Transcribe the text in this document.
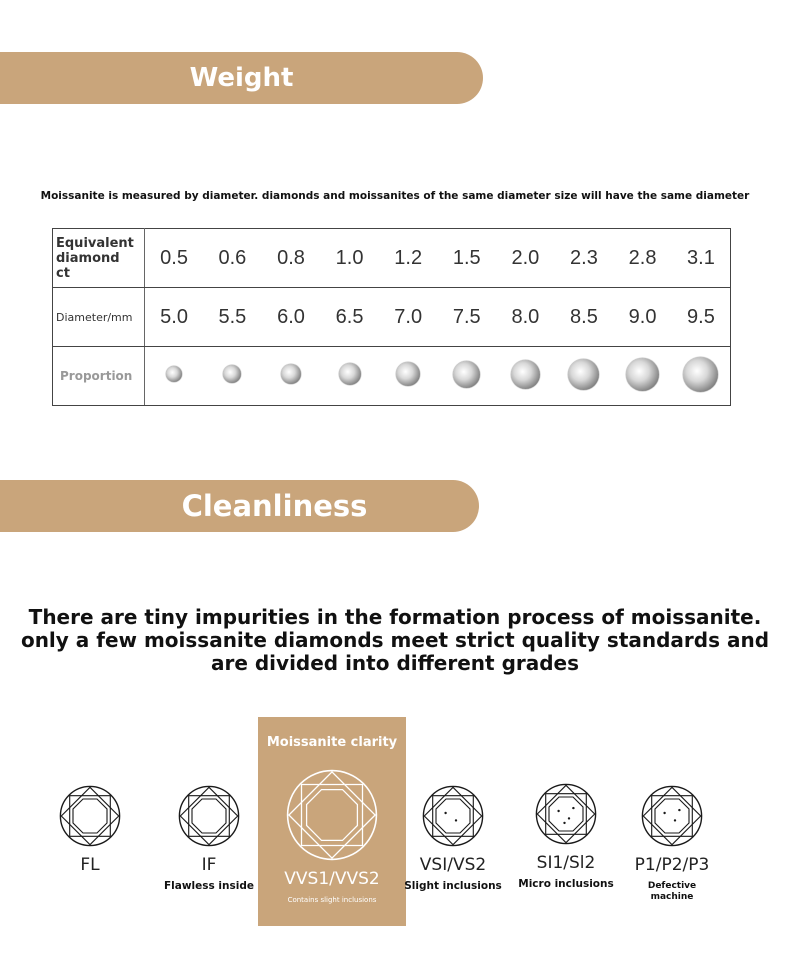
Weight
Moissanite is measured by diameter. diamonds and moissanites of the same diameter size will have the same diameter
Equivalent
diamond
ct	0.5	0.6	0.8	1.0	1.2	1.5	2.0	2.3	2.8	3.1
Diameter/mm	5.0	5.5	6.0	6.5	7.0	7.5	8.0	8.5	9.0	9.5
Proportion										
Cleanliness
There are tiny impurities in the formation process of moissanite.
only a few moissanite diamonds meet strict quality standards and
are divided into different grades
Moissanite clarity
FL	IF
Flawless inside	VVS1/VVS2
Contains slight inclusions
VSI/VS2
Slight inclusions
SI1/Sl2
Micro inclusions
P1/P2/P3
Defective
machine
